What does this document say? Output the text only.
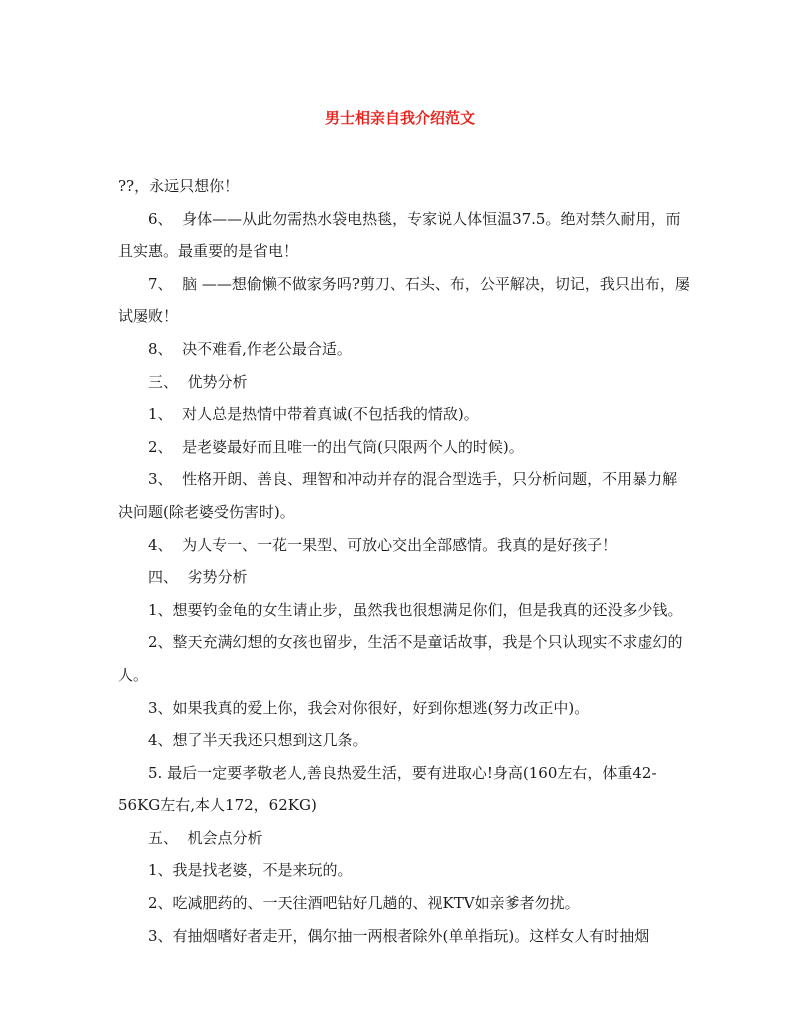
男士相亲自我介绍范文

??，永远只想你！

6、  身体——从此勿需热水袋电热毯，专家说人体恒温37.5。绝对禁久耐用，而且实惠。最重要的是省电！

7、  脑 ——想偷懒不做家务吗?剪刀、石头、布，公平解决，切记，我只出布，屡试屡败！

8、  决不难看,作老公最合适。

三、  优势分析

1、  对人总是热情中带着真诚(不包括我的情敌)。

2、  是老婆最好而且唯一的出气筒(只限两个人的时候)。

3、  性格开朗、善良、理智和冲动并存的混合型选手，只分析问题，不用暴力解决问题(除老婆受伤害时)。

4、  为人专一、一花一果型、可放心交出全部感情。我真的是好孩子！

四、  劣势分析

1、想要钓金龟的女生请止步，虽然我也很想满足你们，但是我真的还没多少钱。

2、整天充满幻想的女孩也留步，生活不是童话故事，我是个只认现实不求虚幻的人。

3、如果我真的爱上你，我会对你很好，好到你想逃(努力改正中)。

4、想了半天我还只想到这几条。

5. 最后一定要孝敬老人,善良热爱生活，要有进取心!身高(160左右，体重42-56KG左右,本人172，62KG)

五、  机会点分析

1、我是找老婆，不是来玩的。

2、吃减肥药的、一天往酒吧钻好几趟的、视KTV如亲爹者勿扰。

3、有抽烟嗜好者走开，偶尔抽一两根者除外(单单指玩)。这样女人有时抽烟
